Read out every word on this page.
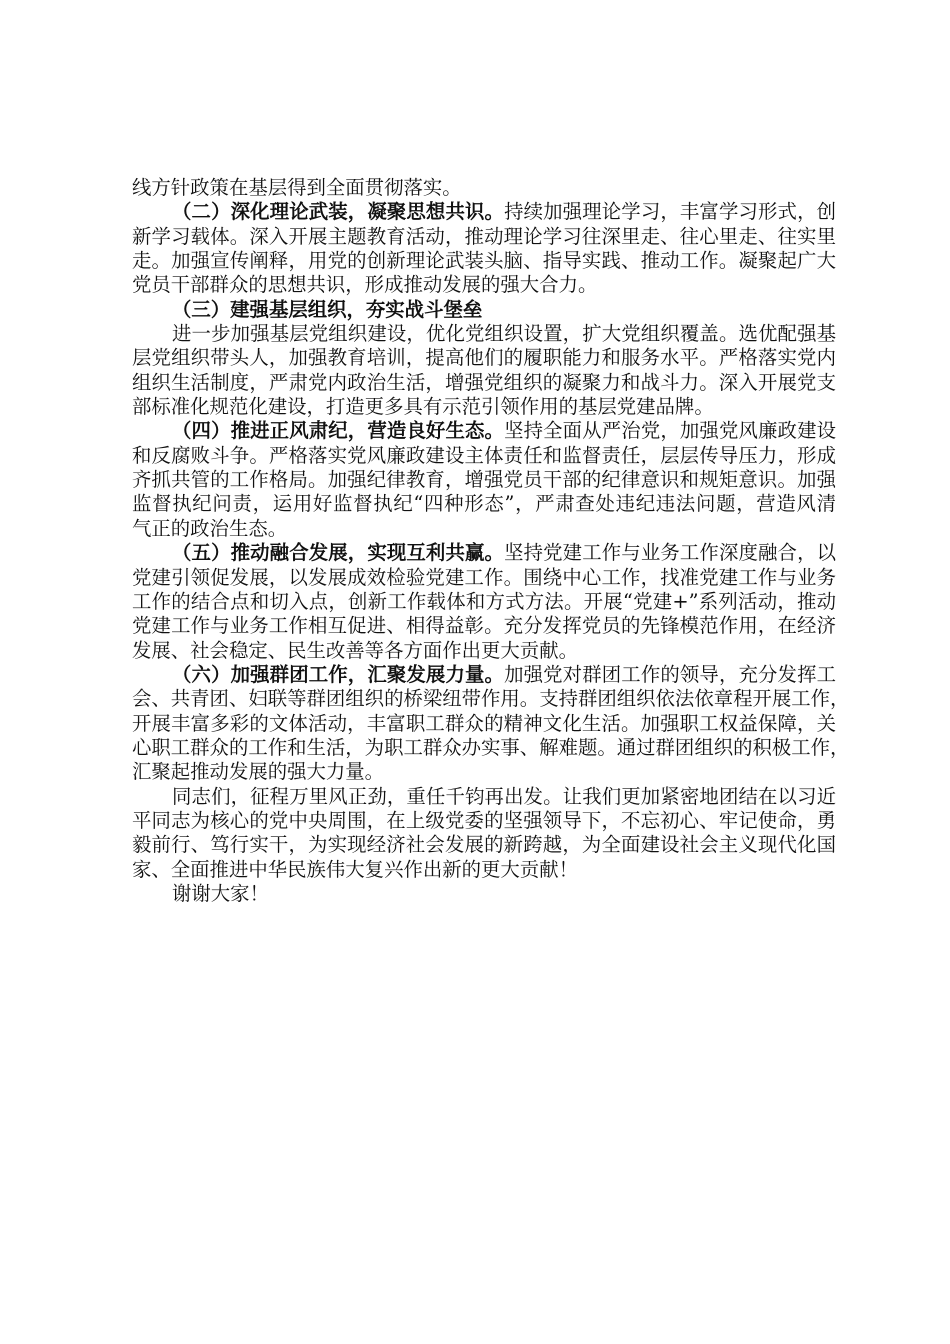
线方针政策在基层得到全面贯彻落实。
（二）深化理论武装，凝聚思想共识。持续加强理论学习，丰富学习形式，创
新学习载体。深入开展主题教育活动，推动理论学习往深里走、往心里走、往实里
走。加强宣传阐释，用党的创新理论武装头脑、指导实践、推动工作。凝聚起广大
党员干部群众的思想共识，形成推动发展的强大合力。
（三）建强基层组织，夯实战斗堡垒
进一步加强基层党组织建设，优化党组织设置，扩大党组织覆盖。选优配强基
层党组织带头人，加强教育培训，提高他们的履职能力和服务水平。严格落实党内
组织生活制度，严肃党内政治生活，增强党组织的凝聚力和战斗力。深入开展党支
部标准化规范化建设，打造更多具有示范引领作用的基层党建品牌。
（四）推进正风肃纪，营造良好生态。坚持全面从严治党，加强党风廉政建设
和反腐败斗争。严格落实党风廉政建设主体责任和监督责任，层层传导压力，形成
齐抓共管的工作格局。加强纪律教育，增强党员干部的纪律意识和规矩意识。加强
监督执纪问责，运用好监督执纪“四种形态”，严肃查处违纪违法问题，营造风清
气正的政治生态。
（五）推动融合发展，实现互利共赢。坚持党建工作与业务工作深度融合，以
党建引领促发展，以发展成效检验党建工作。围绕中心工作，找准党建工作与业务
工作的结合点和切入点，创新工作载体和方式方法。开展“党建+”系列活动，推动
党建工作与业务工作相互促进、相得益彰。充分发挥党员的先锋模范作用，在经济
发展、社会稳定、民生改善等各方面作出更大贡献。
（六）加强群团工作，汇聚发展力量。加强党对群团工作的领导，充分发挥工
会、共青团、妇联等群团组织的桥梁纽带作用。支持群团组织依法依章程开展工作，
开展丰富多彩的文体活动，丰富职工群众的精神文化生活。加强职工权益保障，关
心职工群众的工作和生活，为职工群众办实事、解难题。通过群团组织的积极工作，
汇聚起推动发展的强大力量。
同志们，征程万里风正劲，重任千钧再出发。让我们更加紧密地团结在以习近
平同志为核心的党中央周围，在上级党委的坚强领导下，不忘初心、牢记使命，勇
毅前行、笃行实干，为实现经济社会发展的新跨越，为全面建设社会主义现代化国
家、全面推进中华民族伟大复兴作出新的更大贡献！
谢谢大家！
